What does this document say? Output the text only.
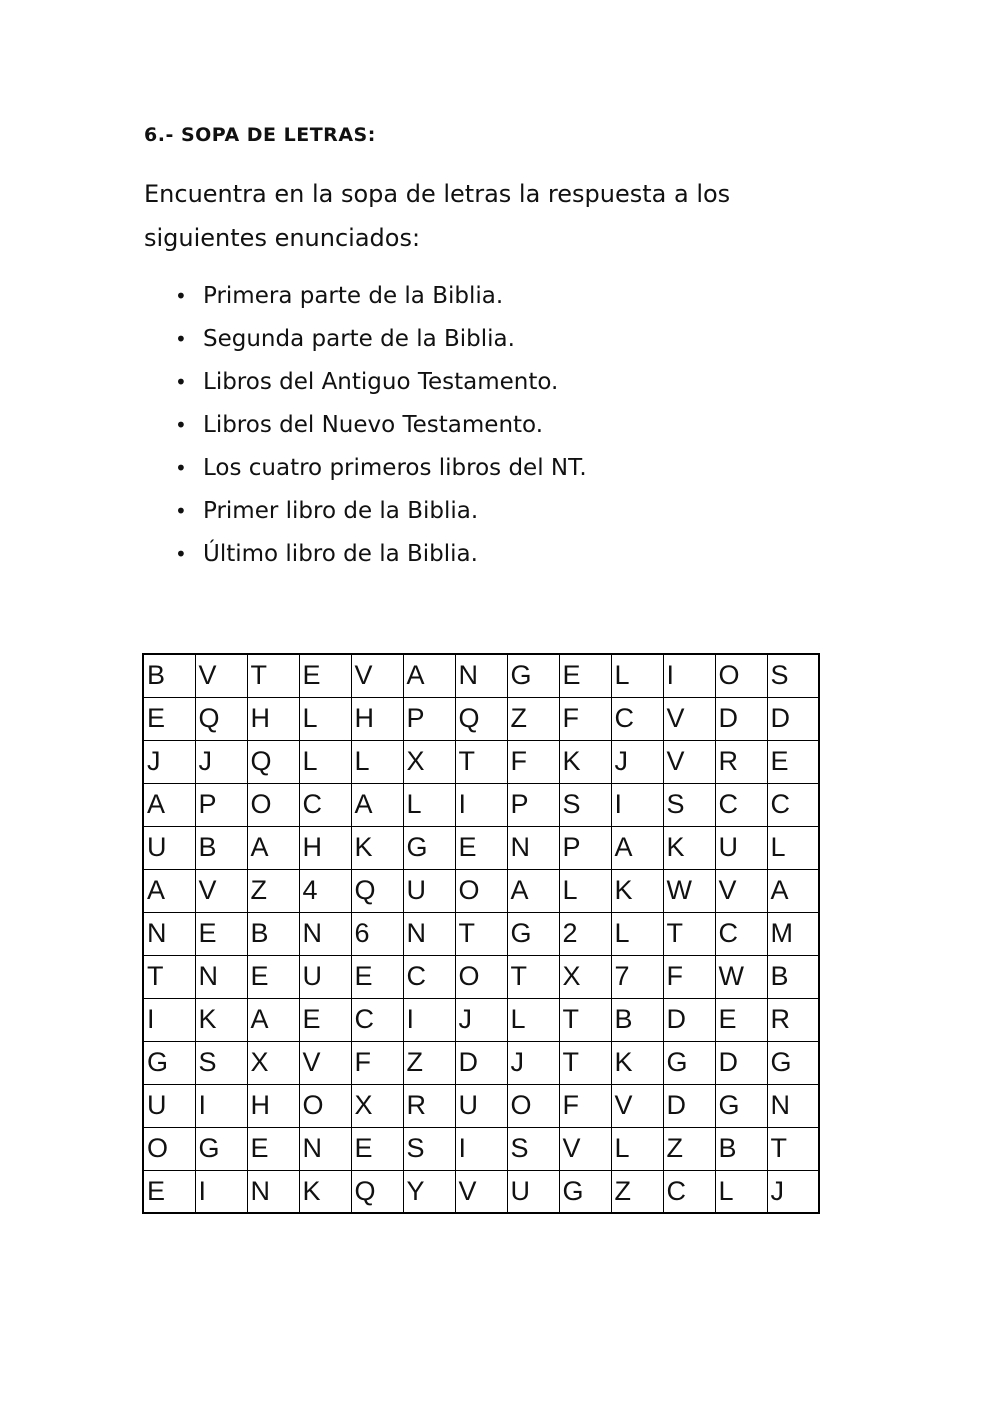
6.- SOPA DE LETRAS:

Encuentra en la sopa de letras la respuesta a los siguientes enunciados:

• Primera parte de la Biblia.
• Segunda parte de la Biblia.
• Libros del Antiguo Testamento.
• Libros del Nuevo Testamento.
• Los cuatro primeros libros del NT.
• Primer libro de la Biblia.
• Último libro de la Biblia.
B	V	T	E	V	A	N	G	E	L	I	O	S
E	Q	H	L	H	P	Q	Z	F	C	V	D	D
J	J	Q	L	L	X	T	F	K	J	V	R	E
A	P	O	C	A	L	I	P	S	I	S	C	C
U	B	A	H	K	G	E	N	P	A	K	U	L
A	V	Z	4	Q	U	O	A	L	K	W	V	A
N	E	B	N	6	N	T	G	2	L	T	C	M
T	N	E	U	E	C	O	T	X	7	F	W	B
I	K	A	E	C	I	J	L	T	B	D	E	R
G	S	X	V	F	Z	D	J	T	K	G	D	G
U	I	H	O	X	R	U	O	F	V	D	G	N
O	G	E	N	E	S	I	S	V	L	Z	B	T
E	I	N	K	Q	Y	V	U	G	Z	C	L	J
